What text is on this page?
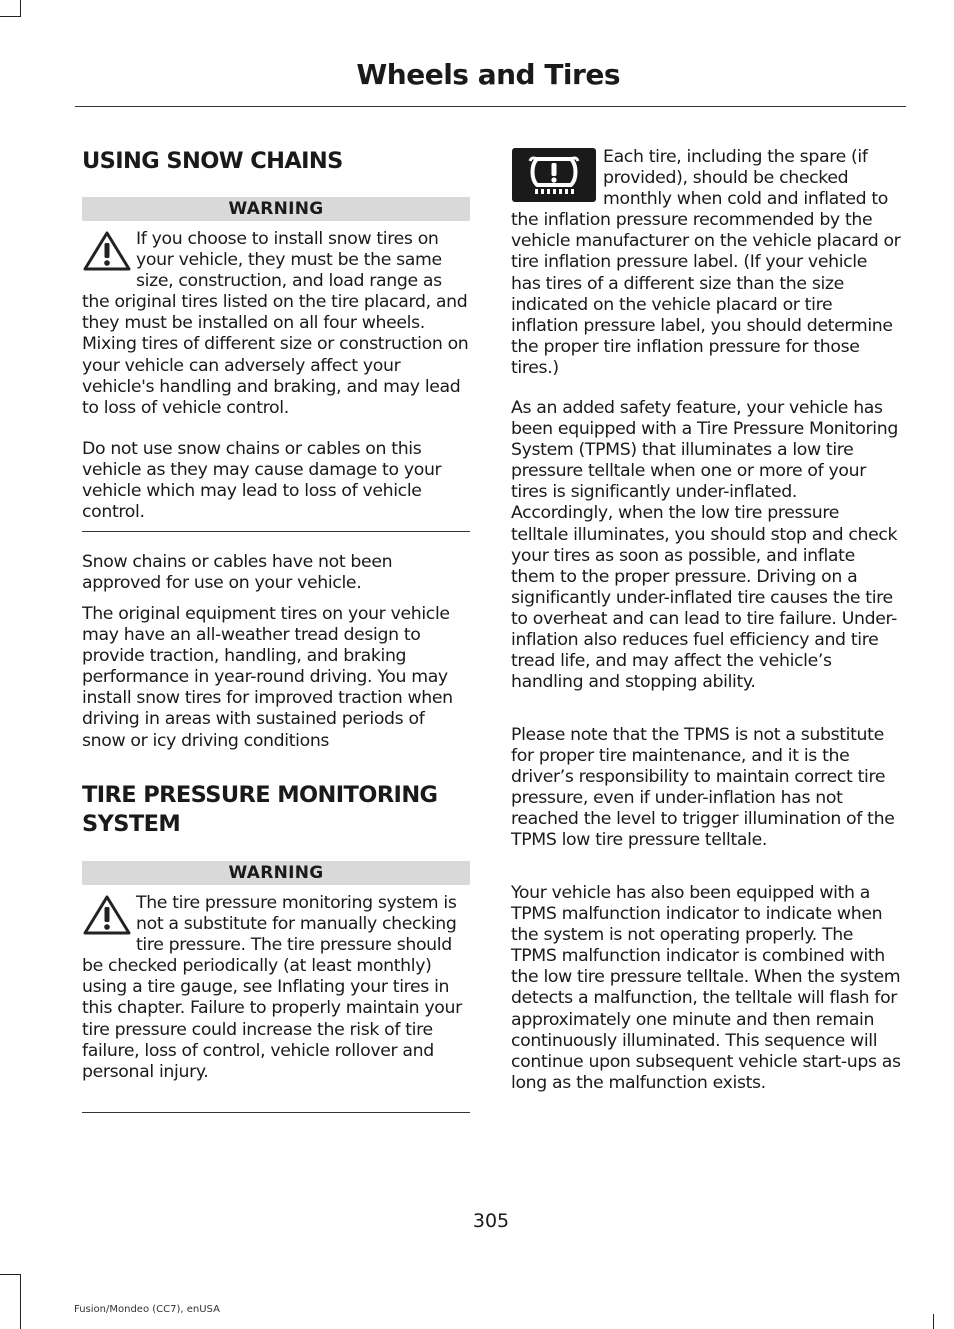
Wheels and Tires
USING SNOW CHAINS
WARNING

If you choose to install snow tires on your vehicle, they must be the same size, construction, and load range as the original tires listed on the tire placard, and they must be installed on all four wheels. Mixing tires of different size or construction on your vehicle can adversely affect your vehicle's handling and braking, and may lead to loss of vehicle control.

Do not use snow chains or cables on this vehicle as they may cause damage to your vehicle which may lead to loss of vehicle control.

Snow chains or cables have not been approved for use on your vehicle.

The original equipment tires on your vehicle may have an all-weather tread design to provide traction, handling, and braking performance in year-round driving. You may install snow tires for improved traction when driving in areas with sustained periods of snow or icy driving conditions

TIRE PRESSURE MONITORING
SYSTEM
WARNING

The tire pressure monitoring system is not a substitute for manually checking tire pressure. The tire pressure should be checked periodically (at least monthly) using a tire gauge, see Inflating your tires in this chapter. Failure to properly maintain your tire pressure could increase the risk of tire failure, loss of control, vehicle rollover and personal injury.

Each tire, including the spare (if provided), should be checked monthly when cold and inflated to the inflation pressure recommended by the vehicle manufacturer on the vehicle placard or tire inflation pressure label. (If your vehicle has tires of a different size than the size indicated on the vehicle placard or tire inflation pressure label, you should determine the proper tire inflation pressure for those tires.)

As an added safety feature, your vehicle has been equipped with a Tire Pressure Monitoring System (TPMS) that illuminates a low tire pressure telltale when one or more of your tires is significantly under-inflated. Accordingly, when the low tire pressure telltale illuminates, you should stop and check your tires as soon as possible, and inflate them to the proper pressure. Driving on a significantly under-inflated tire causes the tire to overheat and can lead to tire failure. Under-inflation also reduces fuel efficiency and tire tread life, and may affect the vehicle’s handling and stopping ability.

Please note that the TPMS is not a substitute for proper tire maintenance, and it is the driver’s responsibility to maintain correct tire pressure, even if under-inflation has not reached the level to trigger illumination of the TPMS low tire pressure telltale.

Your vehicle has also been equipped with a TPMS malfunction indicator to indicate when the system is not operating properly. The TPMS malfunction indicator is combined with the low tire pressure telltale. When the system detects a malfunction, the telltale will flash for approximately one minute and then remain continuously illuminated. This sequence will continue upon subsequent vehicle start-ups as long as the malfunction exists.

305
Fusion/Mondeo (CC7), enUSA
